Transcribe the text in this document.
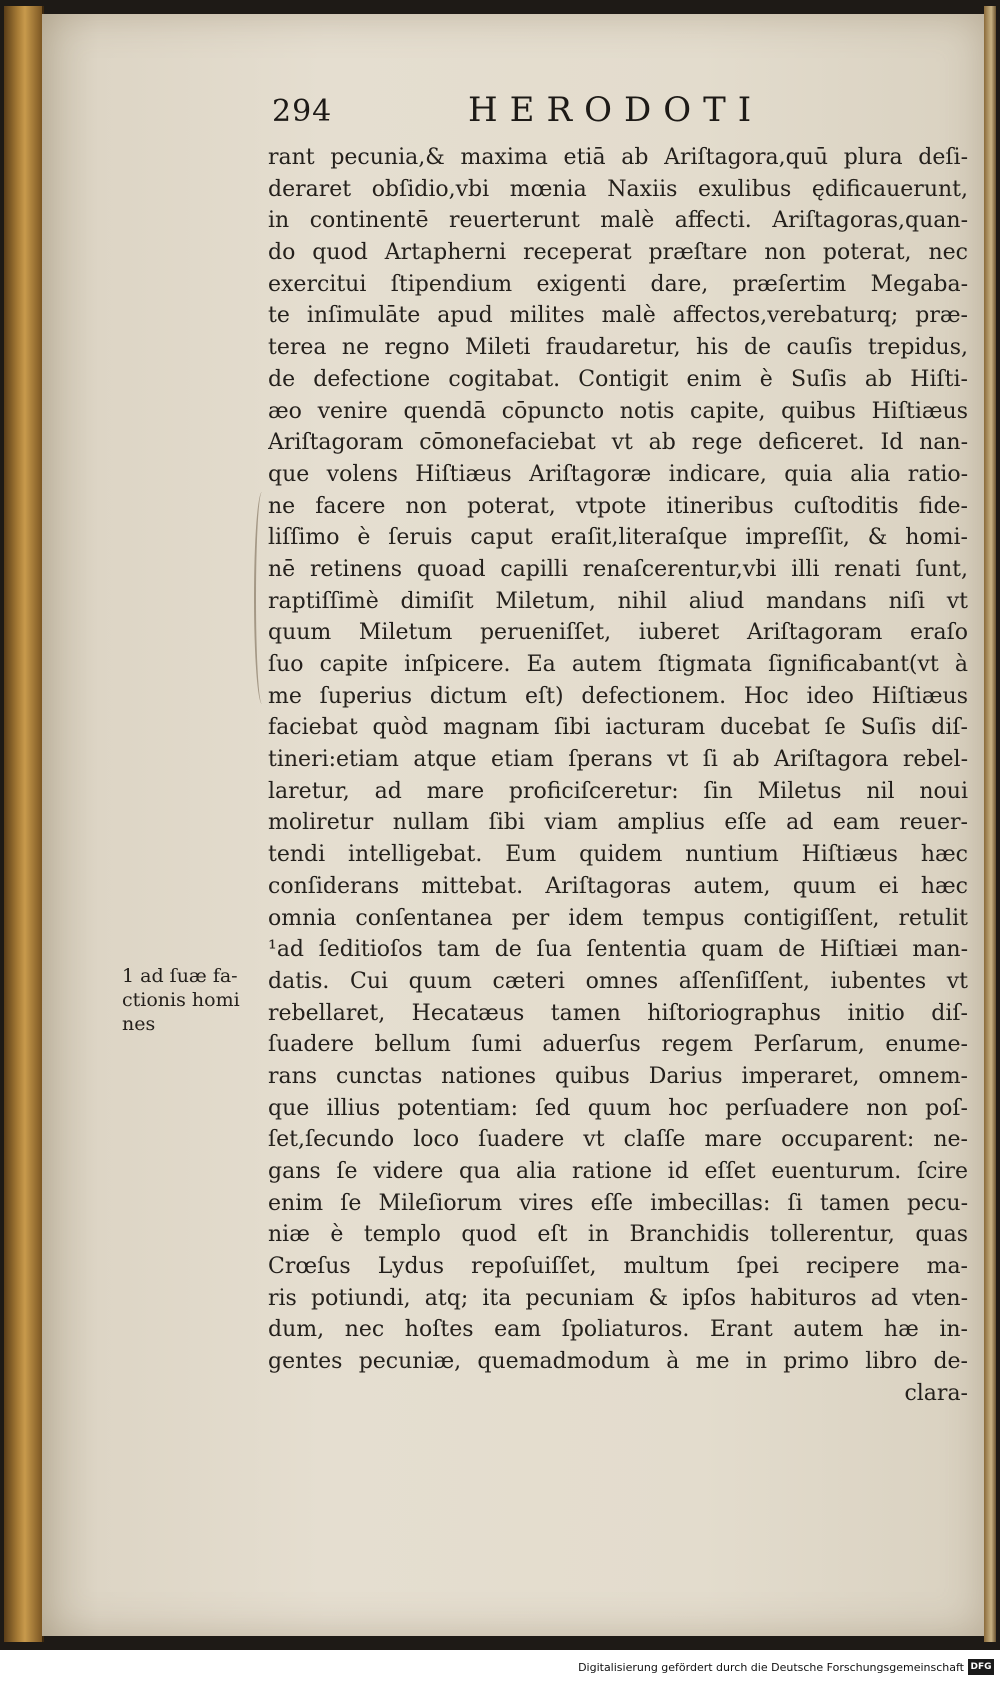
294	HERODOTI
1 ad ſuæ fa-
ctionis homi
nes
rant pecunia,& maxima etiā ab Ariſtagora,quū plura deſi-
deraret obſidio,vbi mœnia Naxiis exulibus ędificauerunt,
in continentē reuerterunt malè affecti. Ariſtagoras,quan-
do quod Artapherni receperat præſtare non poterat, nec
exercitui ſtipendium exigenti dare, præſertim Megaba-
te inſimulāte apud milites malè affectos,verebaturq; præ-
terea ne regno Mileti fraudaretur, his de cauſis trepidus,
de defectione cogitabat. Contigit enim è Suſis ab Hiſti-
æo venire quendā cōpuncto notis capite, quibus Hiſtiæus
Ariſtagoram cōmonefaciebat vt ab rege deficeret. Id nan-
que volens Hiſtiæus Ariſtagoræ indicare, quia alia ratio-
ne facere non poterat, vtpote itineribus cuſtoditis fide-
liſſimo è ſeruis caput eraſit,literaſque impreſſit, & homi-
nē retinens quoad capilli renaſcerentur,vbi illi renati ſunt,
raptiſſimè dimiſit Miletum, nihil aliud mandans niſi vt
quum Miletum perueniſſet, iuberet Ariſtagoram eraſo
ſuo capite inſpicere. Ea autem ſtigmata ſignificabant(vt à
me ſuperius dictum eſt) defectionem. Hoc ideo Hiſtiæus
faciebat quòd magnam ſibi iacturam ducebat ſe Suſis diſ-
tineri:etiam atque etiam ſperans vt ſi ab Ariſtagora rebel-
laretur, ad mare proficiſceretur: ſin Miletus nil noui
moliretur nullam ſibi viam amplius eſſe ad eam reuer-
tendi intelligebat. Eum quidem nuntium Hiſtiæus hæc
conſiderans mittebat. Ariſtagoras autem, quum ei hæc
omnia conſentanea per idem tempus contigiſſent, retulit
¹ad ſeditioſos tam de ſua ſententia quam de Hiſtiæi man-
datis. Cui quum cæteri omnes aſſenſiſſent, iubentes vt
rebellaret, Hecatæus tamen hiſtoriographus initio diſ-
ſuadere bellum ſumi aduerſus regem Perſarum, enume-
rans cunctas nationes quibus Darius imperaret, omnem-
que illius potentiam: ſed quum hoc perſuadere non poſ-
ſet,ſecundo loco ſuadere vt claſſe mare occuparent: ne-
gans ſe videre qua alia ratione id eſſet euenturum. ſcire
enim ſe Mileſiorum vires eſſe imbecillas: ſi tamen pecu-
niæ è templo quod eſt in Branchidis tollerentur, quas
Crœſus Lydus repoſuiſſet, multum ſpei recipere ma-
ris potiundi, atq; ita pecuniam & ipſos habituros ad vten-
dum, nec hoſtes eam ſpoliaturos. Erant autem hæ in-
gentes pecuniæ, quemadmodum à me in primo libro de-
clara-
Digitalisierung gefördert durch die Deutsche Forschungsgemeinschaft DFG
